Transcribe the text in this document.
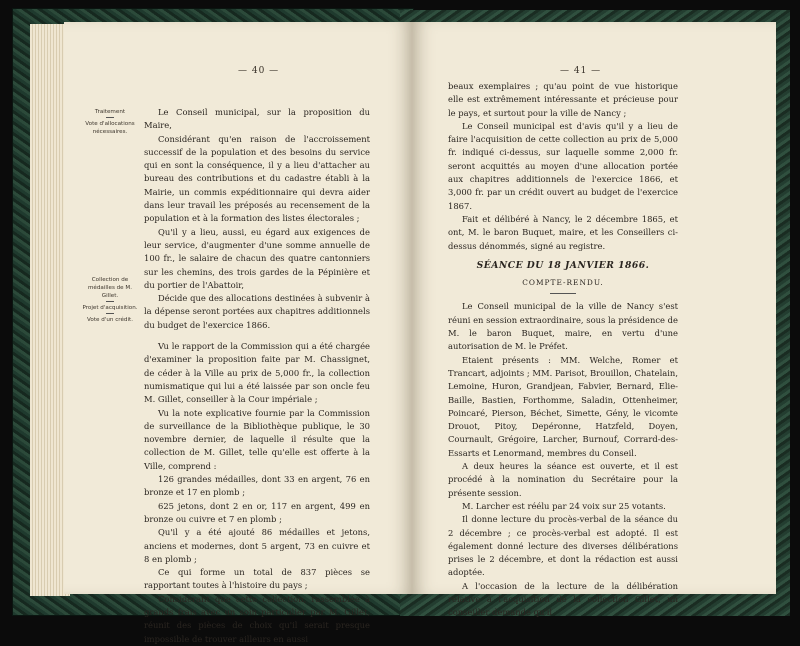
— 40 —	— 41 —
Traitement
Vote d'allocations nécessaires.
Collection de médailles de M. Gillet.
Projet d'acquisition.
Vote d'un crédit.

Le Conseil municipal, sur la proposition du Maire,

Considérant qu'en raison de l'accroissement successif de la population et des besoins du service qui en sont la conséquence, il y a lieu d'attacher au bureau des contributions et du cadastre établi à la Mairie, un commis expéditionnaire qui devra aider dans leur travail les préposés au recensement de la population et à la formation des listes électorales ;

Qu'il y a lieu, aussi, eu égard aux exigences de leur service, d'augmenter d'une somme annuelle de 100 fr., le salaire de chacun des quatre cantonniers sur les chemins, des trois gardes de la Pépinière et du portier de l'Abattoir,

Décide que des allocations destinées à subvenir à la dépense seront portées aux chapitres additionnels du budget de l'exercice 1866.

Vu le rapport de la Commission qui a été chargée d'examiner la proposition faite par M. Chassignet, de céder à la Ville au prix de 5,000 fr., la collection numismatique qui lui a été laissée par son oncle feu M. Gillet, conseiller à la Cour impériale ;

Vu la note explicative fournie par la Commission de surveillance de la Bibliothèque publique, le 30 novembre dernier, de laquelle il résulte que la collection de M. Gillet, telle qu'elle est offerte à la Ville, comprend :

126 grandes médailles, dont 33 en argent, 76 en bronze et 17 en plomb ;

625 jetons, dont 2 en or, 117 en argent, 499 en bronze ou cuivre et 7 en plomb ;

Qu'il y a été ajouté 86 médailles et jetons, anciens et modernes, dont 5 argent, 73 en cuivre et 8 en plomb ;

Ce qui forme un total de 837 pièces se rapportant toutes à l'histoire du pays ;

Considérant que cette collection, rassemblée à grands frais avec un soin particulier par M. Gillet, réunit des pièces de choix qu'il serait presque impossible de trouver ailleurs en aussi

beaux exemplaires ; qu'au point de vue historique elle est extrêmement intéressante et précieuse pour le pays, et surtout pour la ville de Nancy ;

Le Conseil municipal est d'avis qu'il y a lieu de faire l'acquisition de cette collection au prix de 5,000 fr. indiqué ci-dessus, sur laquelle somme 2,000 fr. seront acquittés au moyen d'une allocation portée aux chapitres additionnels de l'exercice 1866, et 3,000 fr. par un crédit ouvert au budget de l'exercice 1867.

Fait et délibéré à Nancy, le 2 décembre 1865, et ont, M. le baron Buquet, maire, et les Conseillers ci-dessus dénommés, signé au registre.

SÉANCE DU 18 JANVIER 1866.

COMPTE-RENDU.

Le Conseil municipal de la ville de Nancy s'est réuni en session extraordinaire, sous la présidence de M. le baron Buquet, maire, en vertu d'une autorisation de M. le Préfet.

Etaient présents : MM. Welche, Romer et Trancart, adjoints ; MM. Parisot, Brouillon, Chatelain, Lemoine, Huron, Grandjean, Fabvier, Bernard, Elie-Baille, Bastien, Forthomme, Saladin, Ottenheimer, Poincaré, Pierson, Béchet, Simette, Gény, le vicomte Drouot, Pitoy, Depéronne, Hatzfeld, Doyen, Cournault, Grégoire, Larcher, Burnouf, Corrard-des-Essarts et Lenormand, membres du Conseil.

A deux heures la séance est ouverte, et il est procédé à la nomination du Secrétaire pour la présente session.

M. Larcher est réélu par 24 voix sur 25 votants.

Il donne lecture du procès-verbal de la séance du 2 décembre ; ce procès-verbal est adopté. Il est également donné lecture des diverses délibérations prises le 2 décembre, et dont la rédaction est aussi adoptée.

A l'occasion de la lecture de la délibération relative à l'acquisition de la collection Gillet, un conseiller demande qu'il
